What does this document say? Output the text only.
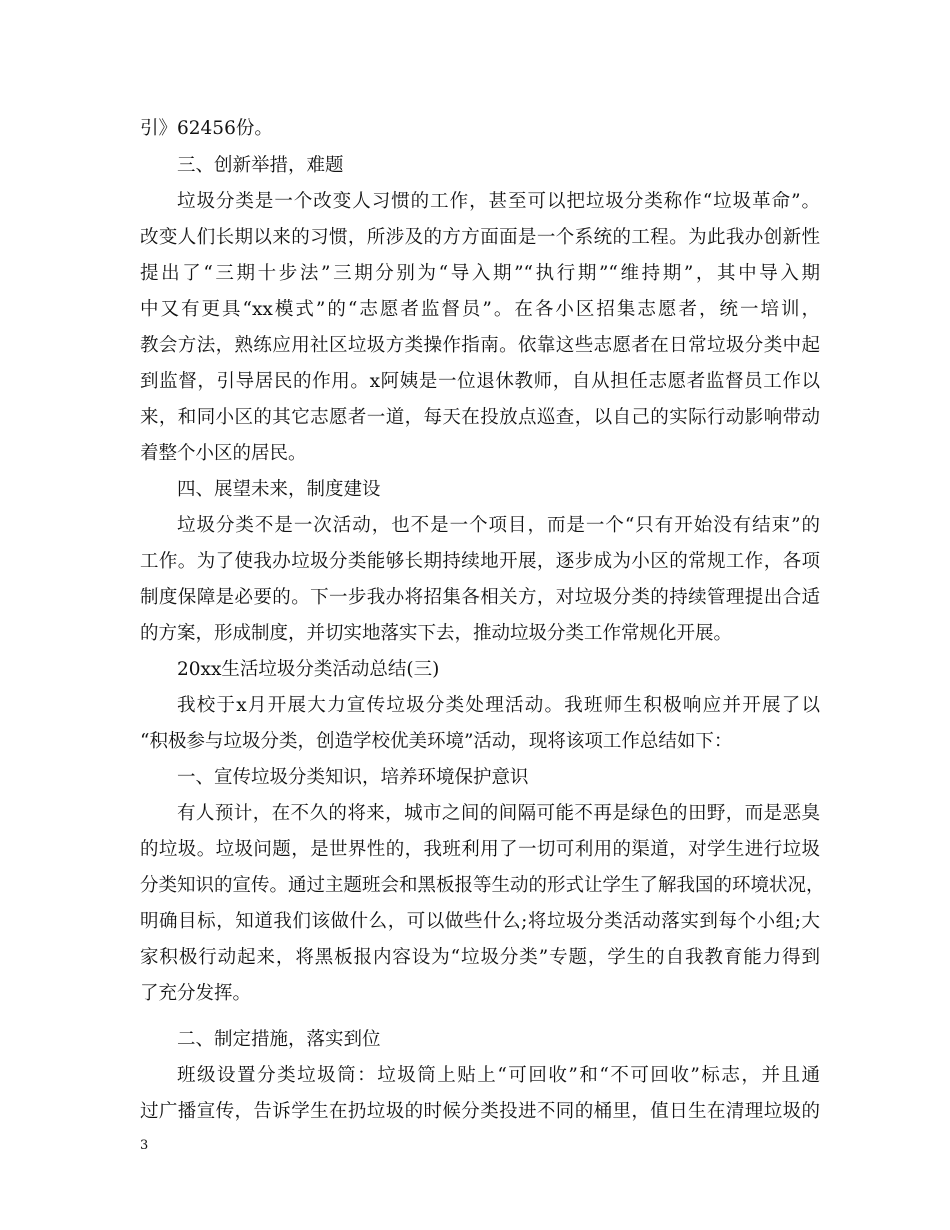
引》62456份。
三、创新举措，难题
垃圾分类是一个改变人习惯的工作，甚至可以把垃圾分类称作“垃圾革命”。
改变人们长期以来的习惯，所涉及的方方面面是一个系统的工程。为此我办创新性
提出了“三期十步法”三期分别为“导入期”“执行期”“维持期”，其中导入期
中又有更具“xx模式”的“志愿者监督员”。在各小区招集志愿者，统一培训，
教会方法，熟练应用社区垃圾方类操作指南。依靠这些志愿者在日常垃圾分类中起
到监督，引导居民的作用。x阿姨是一位退休教师，自从担任志愿者监督员工作以
来，和同小区的其它志愿者一道，每天在投放点巡查，以自己的实际行动影响带动
着整个小区的居民。
四、展望未来，制度建设
垃圾分类不是一次活动，也不是一个项目，而是一个“只有开始没有结束”的
工作。为了使我办垃圾分类能够长期持续地开展，逐步成为小区的常规工作，各项
制度保障是必要的。下一步我办将招集各相关方，对垃圾分类的持续管理提出合适
的方案，形成制度，并切实地落实下去，推动垃圾分类工作常规化开展。
20xx生活垃圾分类活动总结(三)
我校于x月开展大力宣传垃圾分类处理活动。我班师生积极响应并开展了以
“积极参与垃圾分类，创造学校优美环境”活动，现将该项工作总结如下：
一、宣传垃圾分类知识，培养环境保护意识
有人预计，在不久的将来，城市之间的间隔可能不再是绿色的田野，而是恶臭
的垃圾。垃圾问题，是世界性的，我班利用了一切可利用的渠道，对学生进行垃圾
分类知识的宣传。通过主题班会和黑板报等生动的形式让学生了解我国的环境状况，
明确目标，知道我们该做什么，可以做些什么;将垃圾分类活动落实到每个小组;大
家积极行动起来，将黑板报内容设为“垃圾分类”专题，学生的自我教育能力得到
了充分发挥。
二、制定措施，落实到位
班级设置分类垃圾筒：垃圾筒上贴上“可回收”和“不可回收”标志，并且通
过广播宣传，告诉学生在扔垃圾的时候分类投进不同的桶里，值日生在清理垃圾的
3
